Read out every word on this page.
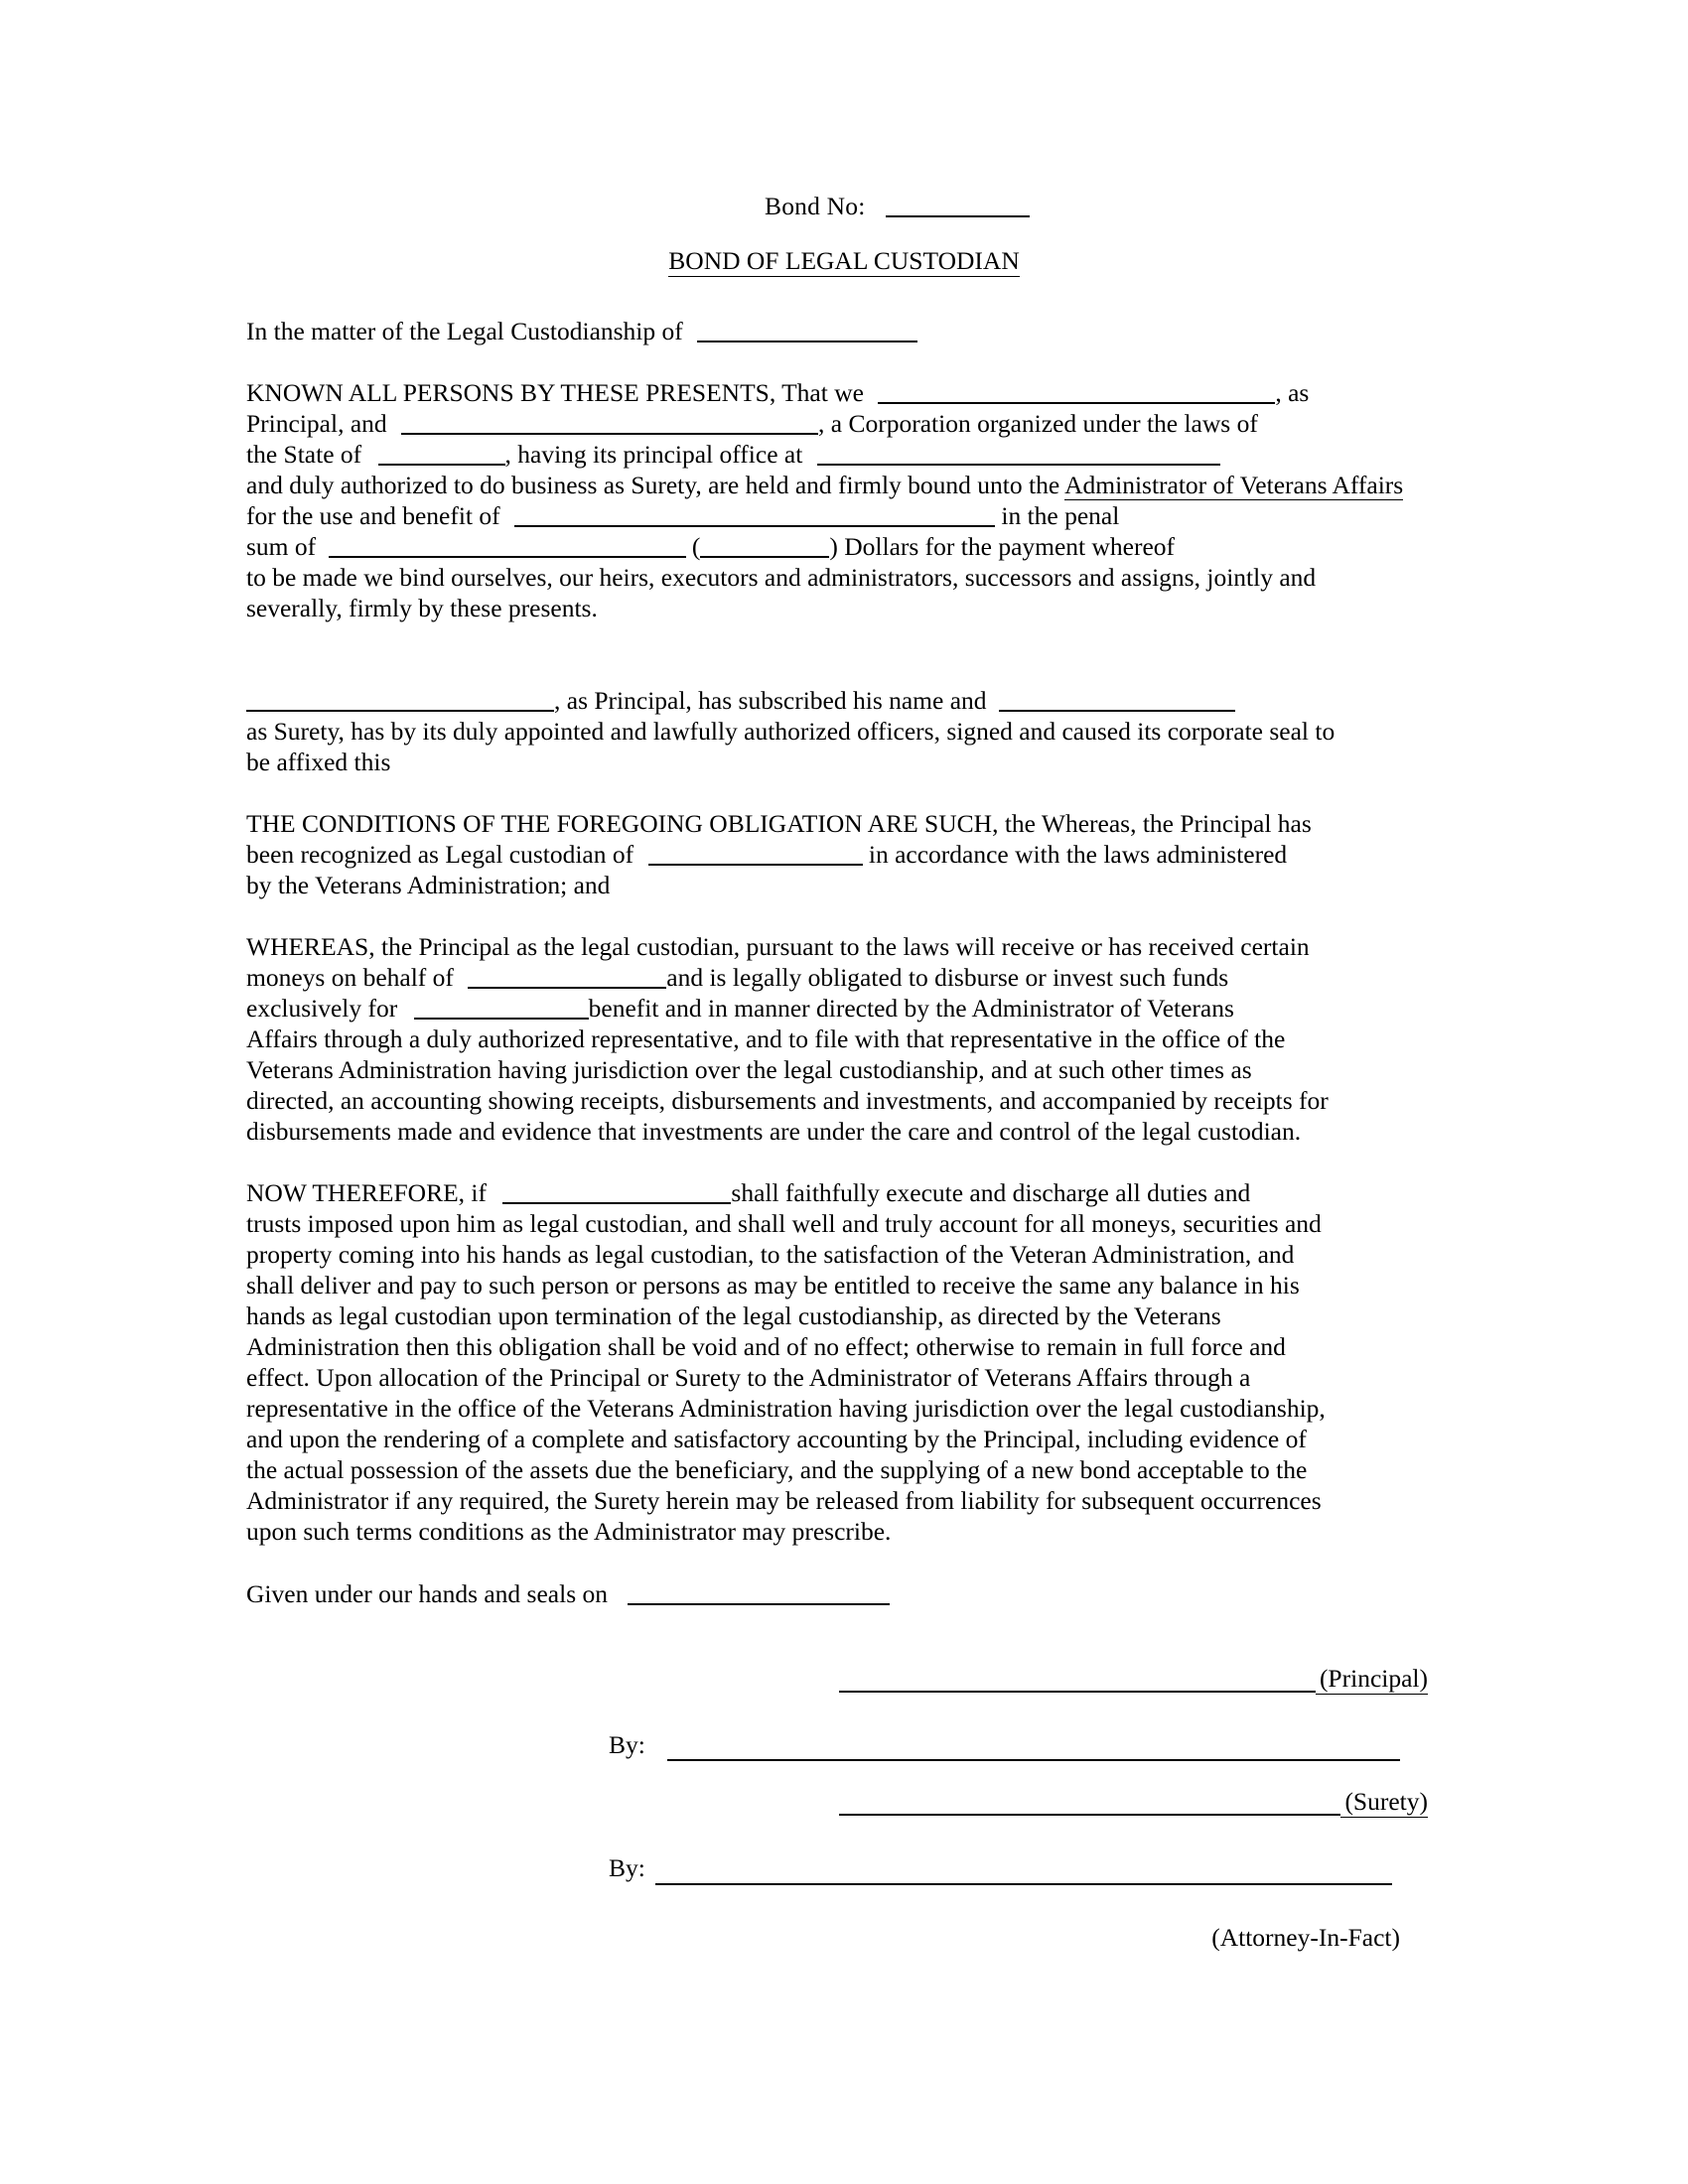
Bond No:
BOND OF LEGAL CUSTODIAN

In the matter of the Legal Custodianship of

KNOWN ALL PERSONS BY THESE PRESENTS, That we	, as

Principal, and	, a Corporation organized under the laws of

the State of	, having its principal office at

and duly authorized to do business as Surety, are held and firmly bound unto the Administrator of Veterans Affairs

for the use and benefit of	in the penal

sum of	(	) Dollars for the payment whereof

to be made we bind ourselves, our heirs, executors and administrators, successors and assigns, jointly and

severally, firmly by these presents.

, as Principal, has subscribed his name and

as Surety, has by its duly appointed and lawfully authorized officers, signed and caused its corporate seal to

be affixed this

THE CONDITIONS OF THE FOREGOING OBLIGATION ARE SUCH, the Whereas, the Principal has

been recognized as Legal custodian of	in accordance with the laws administered

by the Veterans Administration; and

WHEREAS, the Principal as the legal custodian, pursuant to the laws will receive or has received certain

moneys on behalf of	and is legally obligated to disburse or invest such funds

exclusively for	benefit and in manner directed by the Administrator of Veterans

Affairs through a duly authorized representative, and to file with that representative in the office of the

Veterans Administration having jurisdiction over the legal custodianship, and at such other times as

directed, an accounting showing receipts, disbursements and investments, and accompanied by receipts for

disbursements made and evidence that investments are under the care and control of the legal custodian.

NOW THEREFORE, if	shall faithfully execute and discharge all duties and

trusts imposed upon him as legal custodian, and shall well and truly account for all moneys, securities and

property coming into his hands as legal custodian, to the satisfaction of the Veteran Administration, and

shall deliver and pay to such person or persons as may be entitled to receive the same any balance in his

hands as legal custodian upon termination of the legal custodianship, as directed by the Veterans

Administration then this obligation shall be void and of no effect; otherwise to remain in full force and

effect. Upon allocation of the Principal or Surety to the Administrator of Veterans Affairs through a

representative in the office of the Veterans Administration having jurisdiction over the legal custodianship,

and upon the rendering of a complete and satisfactory accounting by the Principal, including evidence of

the actual possession of the assets due the beneficiary, and the supplying of a new bond acceptable to the

Administrator if any required, the Surety herein may be released from liability for subsequent occurrences

upon such terms conditions as the Administrator may prescribe.

Given under our hands and seals on

(Principal)
By:
(Surety)
By:
(Attorney-In-Fact)
